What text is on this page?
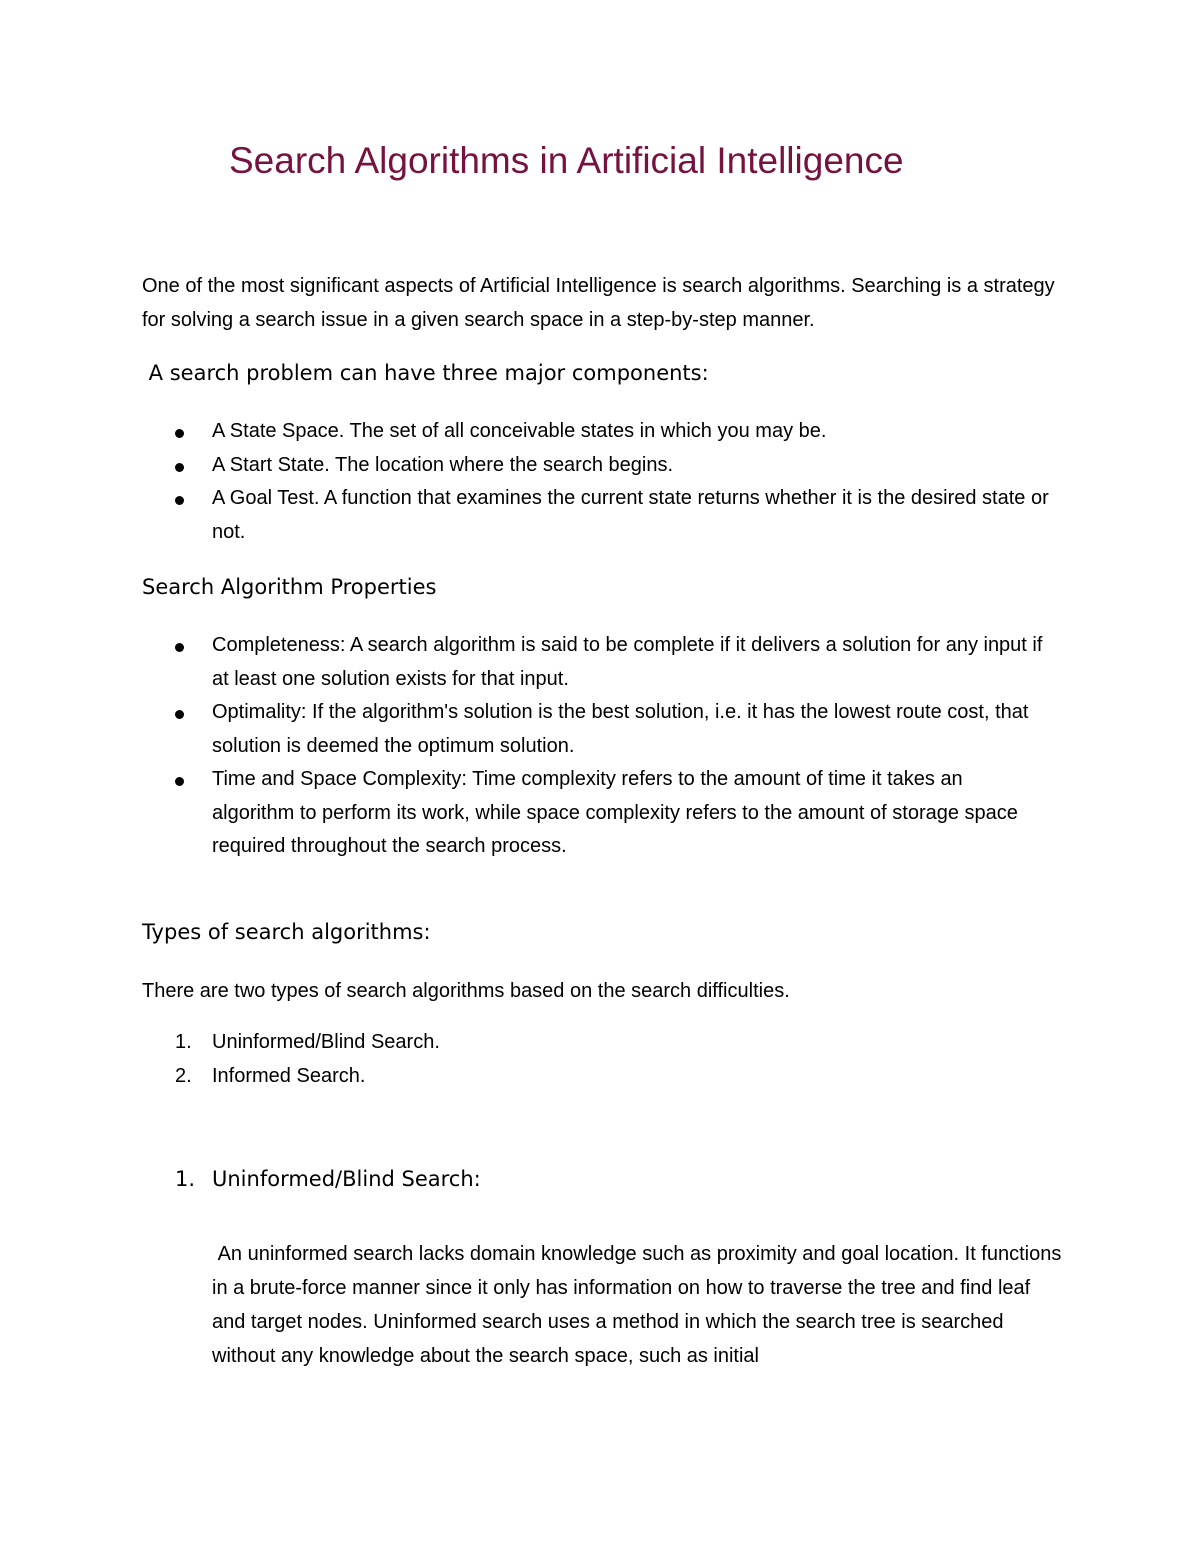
Search Algorithms in Artificial Intelligence
One of the most significant aspects of Artificial Intelligence is search algorithms. Searching is a strategy for solving a search issue in a given search space in a step-by-step manner.
A search problem can have three major components:
A State Space. The set of all conceivable states in which you may be.
A Start State. The location where the search begins.
A Goal Test. A function that examines the current state returns whether it is the desired state or not.
Search Algorithm Properties
Completeness: A search algorithm is said to be complete if it delivers a solution for any input if at least one solution exists for that input.
Optimality: If the algorithm's solution is the best solution, i.e. it has the lowest route cost, that solution is deemed the optimum solution.
Time and Space Complexity: Time complexity refers to the amount of time it takes an algorithm to perform its work, while space complexity refers to the amount of storage space required throughout the search process.
Types of search algorithms:
There are two types of search algorithms based on the search difficulties.
1. Uninformed/Blind Search.
2. Informed Search.
1. Uninformed/Blind Search:
An uninformed search lacks domain knowledge such as proximity and goal location. It functions in a brute-force manner since it only has information on how to traverse the tree and find leaf and target nodes. Uninformed search uses a method in which the search tree is searched without any knowledge about the search space, such as initial
